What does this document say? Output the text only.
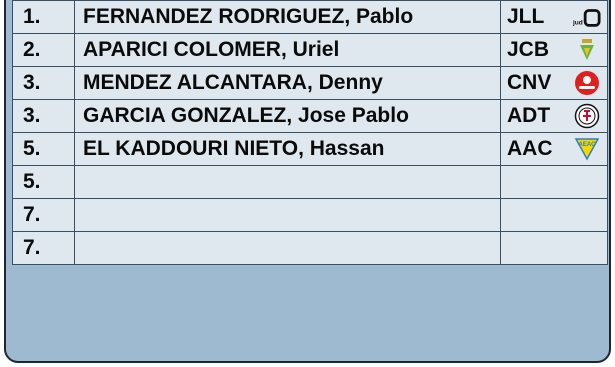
1.	FERNANDEZ RODRIGUEZ, Pablo	JLL jud

2.	APARICI COLOMER, Uriel	JCB

3.	MENDEZ ALCANTARA, Denny	CNV

3.	GARCIA GONZALEZ, Jose Pablo	ADT

5.	EL KADDOURI NIETO, Hassan	AAC AEAC

5.		
7.		
7.		
